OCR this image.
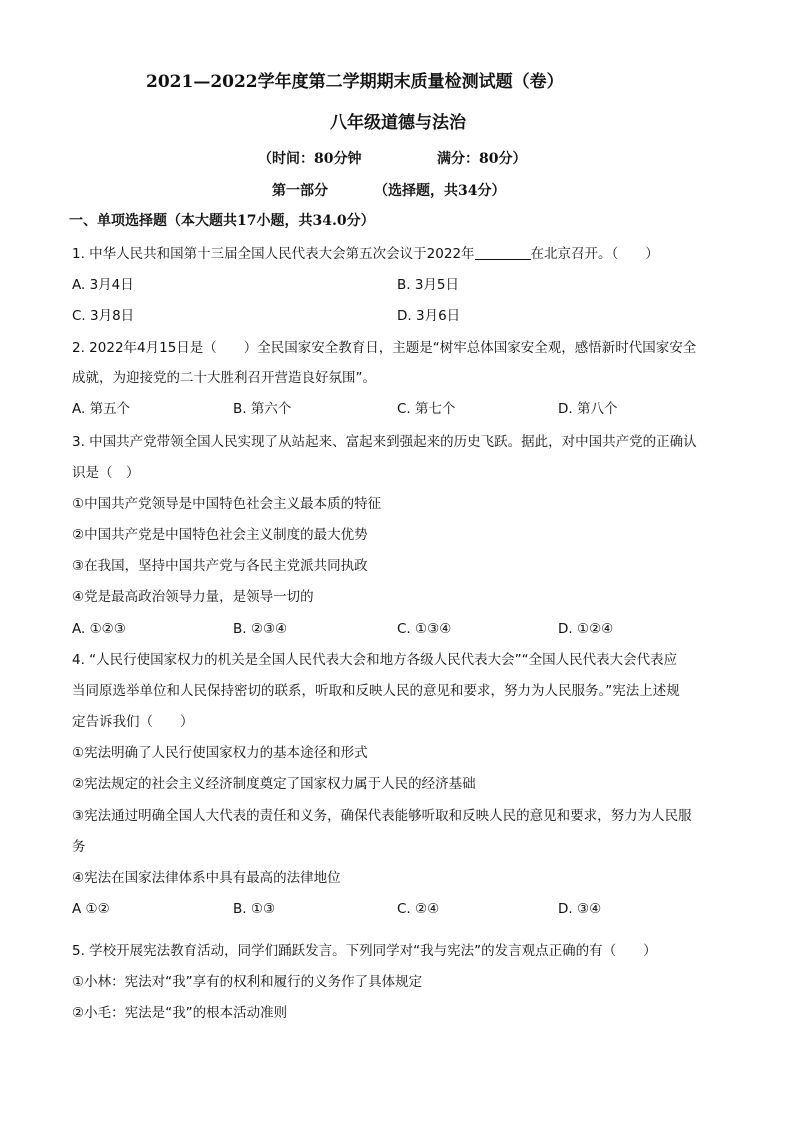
2021—2022学年度第二学期期末质量检测试题（卷）
八年级道德与法治
（时间：80分钟	满分：80分）
第一部分	（选择题，共34分）
一、单项选择题（本大题共17小题，共34.0分）
1. 中华人民共和国第十三届全国人民代表大会第五次会议于2022年	在北京召开。（　　）
A. 3月4日	B. 3月5日
C. 3月8日	D. 3月6日
2. 2022年4月15日是（　　）全民国家安全教育日，主题是“树牢总体国家安全观，感悟新时代国家安全
成就，为迎接党的二十大胜利召开营造良好氛围”。
A. 第五个	B. 第六个	C. 第七个	D. 第八个
3. 中国共产党带领全国人民实现了从站起来、富起来到强起来的历史飞跃。据此，对中国共产党的正确认
识是（　）
①中国共产党领导是中国特色社会主义最本质的特征
②中国共产党是中国特色社会主义制度的最大优势
③在我国，坚持中国共产党与各民主党派共同执政
④党是最高政治领导力量，是领导一切的
A. ①②③	B. ②③④	C. ①③④	D. ①②④
4. “人民行使国家权力的机关是全国人民代表大会和地方各级人民代表大会”“全国人民代表大会代表应
当同原选举单位和人民保持密切的联系，听取和反映人民的意见和要求，努力为人民服务。”宪法上述规
定告诉我们（　　）
①宪法明确了人民行使国家权力的基本途径和形式
②宪法规定的社会主义经济制度奠定了国家权力属于人民的经济基础
③宪法通过明确全国人大代表的责任和义务，确保代表能够听取和反映人民的意见和要求，努力为人民服
务
④宪法在国家法律体系中具有最高的法律地位
A ①②	B. ①③	C. ②④	D. ③④
5. 学校开展宪法教育活动，同学们踊跃发言。下列同学对“我与宪法”的发言观点正确的有（　　）
①小林：宪法对“我”享有的权利和履行的义务作了具体规定
②小毛：宪法是“我”的根本活动准则
